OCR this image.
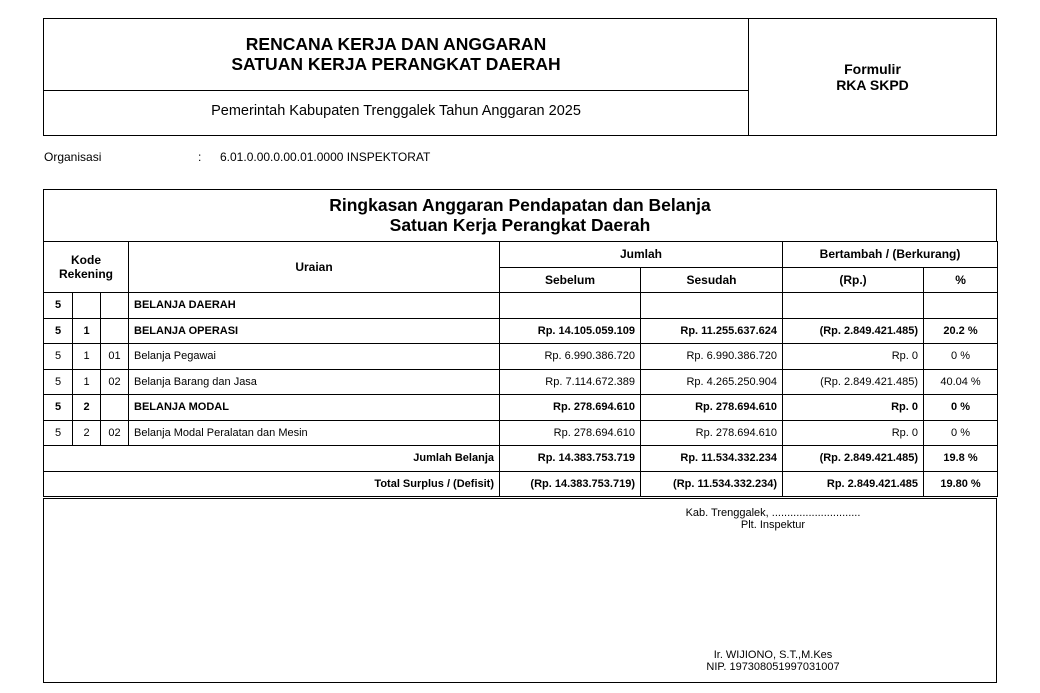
RENCANA KERJA DAN ANGGARAN
SATUAN KERJA PERANGKAT DAERAH
Pemerintah Kabupaten Trenggalek Tahun Anggaran 2025
Formulir
RKA SKPD
Organisasi	: 6.01.0.00.0.00.01.0000 INSPEKTORAT
Ringkasan Anggaran Pendapatan dan Belanja
Satuan Kerja Perangkat Daerah
Kode
Rekening			Uraian	Jumlah		Bertambah / (Berkurang)	
				Sebelum	Sesudah	(Rp.)	%
5			BELANJA DAERAH				
5	1		BELANJA OPERASI	Rp. 14.105.059.109	Rp. 11.255.637.624	(Rp. 2.849.421.485)	20.2 %
5	1	01	Belanja Pegawai	Rp. 6.990.386.720	Rp. 6.990.386.720	Rp. 0	0 %
5	1	02	Belanja Barang dan Jasa	Rp. 7.114.672.389	Rp. 4.265.250.904	(Rp. 2.849.421.485)	40.04 %
5	2		BELANJA MODAL	Rp. 278.694.610	Rp. 278.694.610	Rp. 0	0 %
5	2	02	Belanja Modal Peralatan dan Mesin	Rp. 278.694.610	Rp. 278.694.610	Rp. 0	0 %
Jumlah Belanja				Rp. 14.383.753.719	Rp. 11.534.332.234	(Rp. 2.849.421.485)	19.8 %
Total Surplus / (Defisit)				(Rp. 14.383.753.719)	(Rp. 11.534.332.234)	Rp. 2.849.421.485	19.80 %
Kab. Trenggalek, .............................
Plt. Inspektur
Ir. WIJIONO, S.T.,M.Kes
NIP. 197308051997031007
